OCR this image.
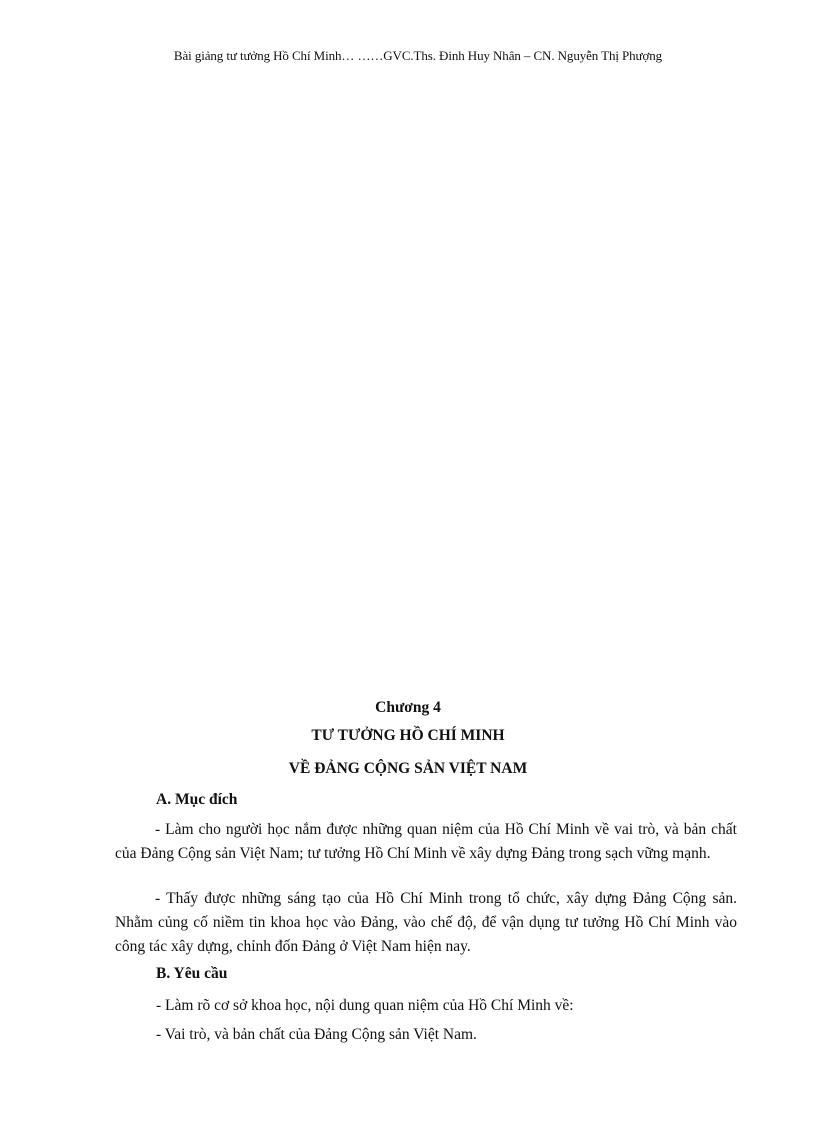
Bài giảng tư tưởng Hồ Chí Minh… ……GVC.Ths. Đinh Huy Nhân – CN. Nguyễn Thị Phượng
Chương 4
TƯ TƯỞNG HỒ CHÍ MINH
VỀ ĐẢNG CỘNG SẢN VIỆT NAM
A. Mục đích

- Làm cho người học nắm được những quan niệm của Hồ Chí Minh về vai trò, và bản chất của Đảng Cộng sản Việt Nam; tư tưởng Hồ Chí Minh về xây dựng Đảng trong sạch vững mạnh.

- Thấy được những sáng tạo của Hồ Chí Minh trong tổ chức, xây dựng Đảng Cộng sản. Nhằm củng cố niềm tin khoa học vào Đảng, vào chế độ, để vận dụng tư tưởng Hồ Chí Minh vào công tác xây dựng, chỉnh đốn Đảng ở Việt Nam hiện nay.

B. Yêu cầu
- Làm rõ cơ sở khoa học, nội dung quan niệm của Hồ Chí Minh về:
- Vai trò, và bản chất của Đảng Cộng sản Việt Nam.
